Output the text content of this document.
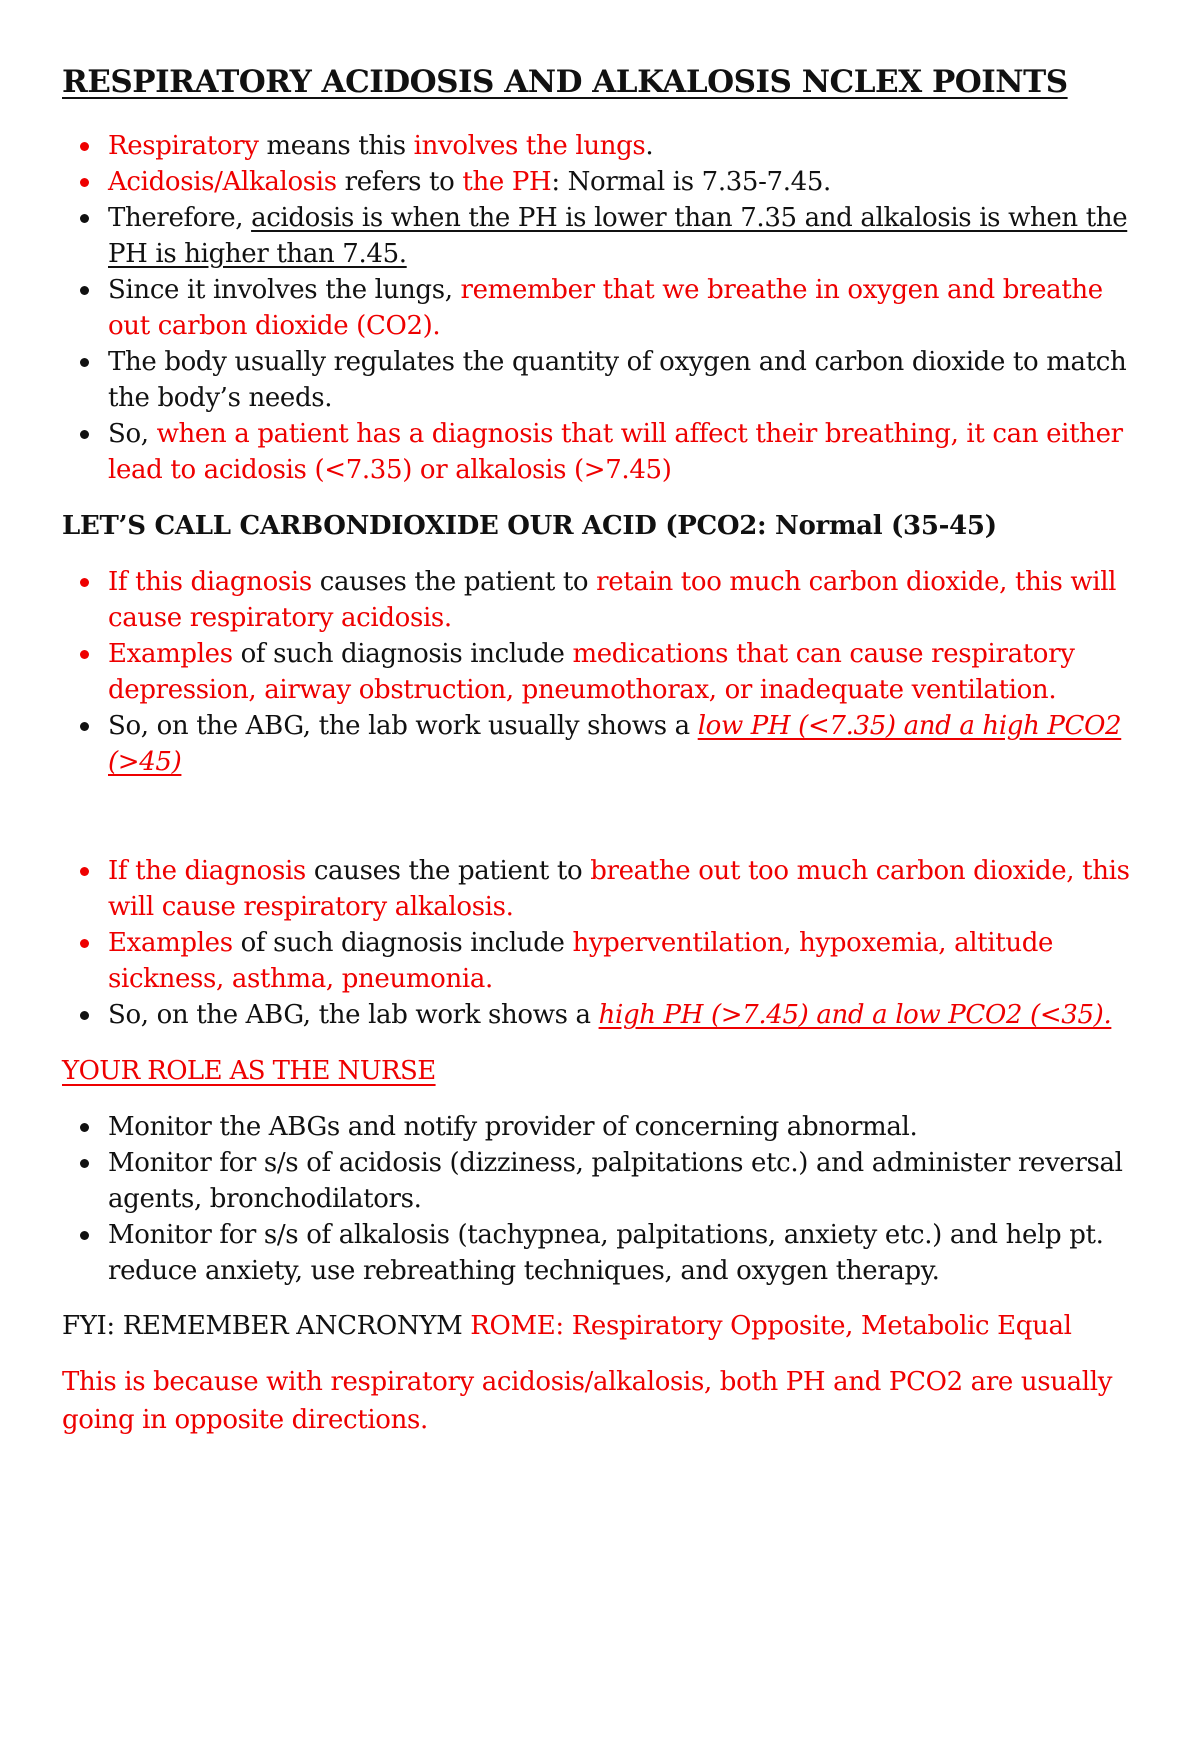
RESPIRATORY ACIDOSIS AND ALKALOSIS NCLEX POINTS
Respiratory means this involves the lungs.
Acidosis/Alkalosis refers to the PH: Normal is 7.35-7.45.
Therefore, acidosis is when the PH is lower than 7.35 and alkalosis is when the PH is higher than 7.45.
Since it involves the lungs, remember that we breathe in oxygen and breathe out carbon dioxide (CO2).
The body usually regulates the quantity of oxygen and carbon dioxide to match the body’s needs.
So, when a patient has a diagnosis that will affect their breathing, it can either lead to acidosis (<7.35) or alkalosis (>7.45)
LET’S CALL CARBONDIOXIDE OUR ACID (PCO2: Normal (35-45)
If this diagnosis causes the patient to retain too much carbon dioxide, this will cause respiratory acidosis.
Examples of such diagnosis include medications that can cause respiratory depression, airway obstruction, pneumothorax, or inadequate ventilation.
So, on the ABG, the lab work usually shows a low PH (<7.35) and a high PCO2 (>45)
If the diagnosis causes the patient to breathe out too much carbon dioxide, this will cause respiratory alkalosis.
Examples of such diagnosis include hyperventilation, hypoxemia, altitude sickness, asthma, pneumonia.
So, on the ABG, the lab work shows a high PH (>7.45) and a low PCO2 (<35).
YOUR ROLE AS THE NURSE
Monitor the ABGs and notify provider of concerning abnormal.
Monitor for s/s of acidosis (dizziness, palpitations etc.) and administer reversal agents, bronchodilators.
Monitor for s/s of alkalosis (tachypnea, palpitations, anxiety etc.) and help pt. reduce anxiety, use rebreathing techniques, and oxygen therapy.

FYI: REMEMBER ANCRONYM ROME: Respiratory Opposite, Metabolic Equal

This is because with respiratory acidosis/alkalosis, both PH and PCO2 are usually going in opposite directions.
